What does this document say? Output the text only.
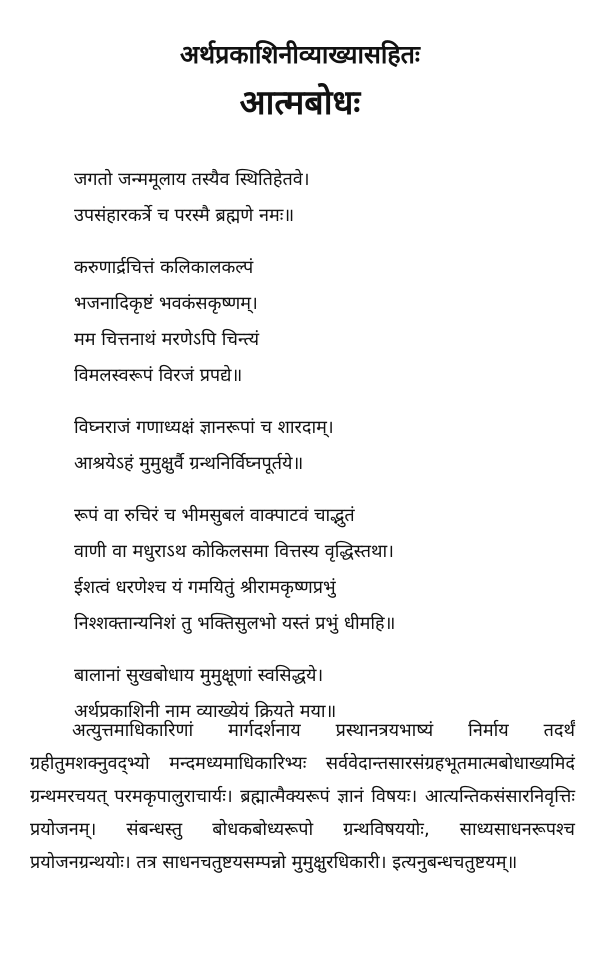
अर्थप्रकाशिनीव्याख्यासहितः
आत्मबोधः
जगतो जन्ममूलाय तस्यैव स्थितिहेतवे।
उपसंहारकर्त्रे च परस्मै ब्रह्मणे नमः॥
करुणार्द्रचित्तं कलिकालकल्पं
भजनादिकृष्टं भवकंसकृष्णम्।
मम चित्तनाथं मरणेऽपि चिन्त्यं
विमलस्वरूपं विरजं प्रपद्ये॥
विघ्नराजं गणाध्यक्षं ज्ञानरूपां च शारदाम्।
आश्रयेऽहं मुमुक्षुर्वै ग्रन्थनिर्विघ्नपूर्तये॥
रूपं वा रुचिरं च भीमसुबलं वाक्पाटवं चाद्भुतं
वाणी वा मधुराऽथ कोकिलसमा वित्तस्य वृद्धिस्तथा।
ईशत्वं धरणेश्च यं गमयितुं श्रीरामकृष्णप्रभुं
निश्शक्तान्यनिशं तु भक्तिसुलभो यस्तं प्रभुं धीमहि॥
बालानां सुखबोधाय मुमुक्षूणां स्वसिद्धये।
अर्थप्रकाशिनी नाम व्याख्येयं क्रियते मया॥
अत्युत्तमाधिकारिणां मार्गदर्शनाय प्रस्थानत्रयभाष्यं निर्माय तदर्थं ग्रहीतुमशक्नुवद्भ्यो मन्दमध्यमाधिकारिभ्यः सर्ववेदान्तसारसंग्रहभूतमात्मबोधाख्यमिदं ग्रन्थमरचयत् परमकृपालुराचार्यः। ब्रह्मात्मैक्यरूपं ज्ञानं विषयः। आत्यन्तिकसंसारनिवृत्तिः प्रयोजनम्। संबन्धस्तु बोधकबोध्यरूपो ग्रन्थविषययोः, साध्यसाधनरूपश्च प्रयोजनग्रन्थयोः। तत्र साधनचतुष्टयसम्पन्नो मुमुक्षुरधिकारी। इत्यनुबन्धचतुष्टयम्॥
